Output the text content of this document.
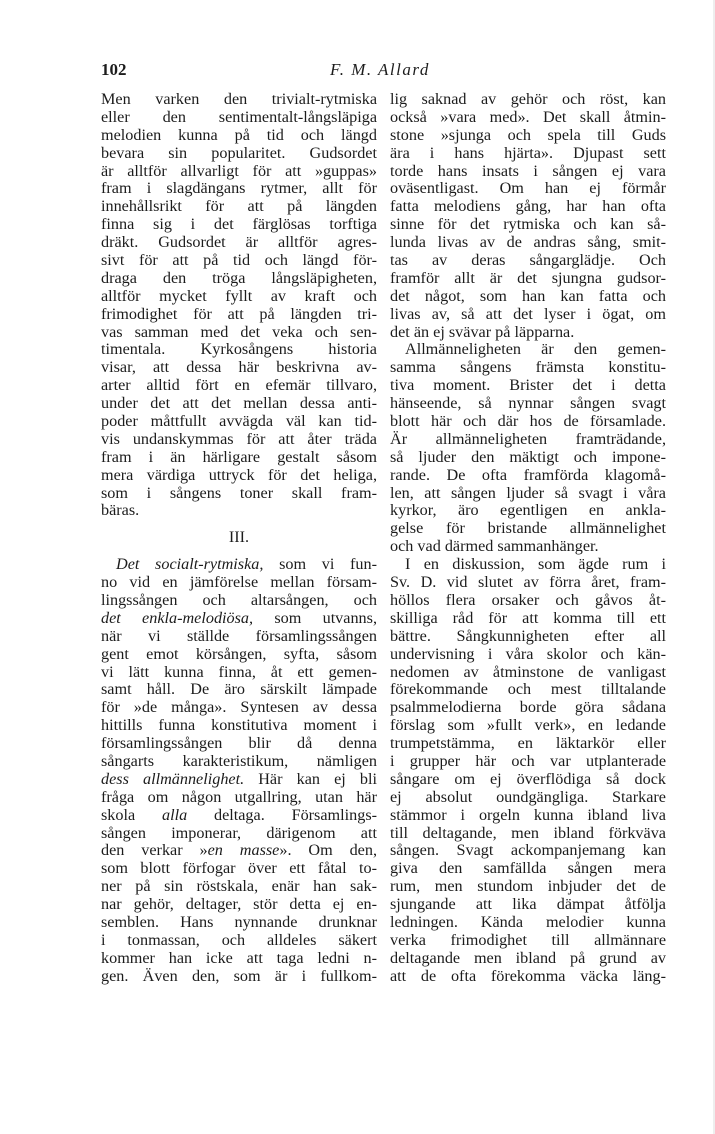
102	F. M. Allard
Men varken den trivialt-rytmiska
eller den sentimentalt-långsläpiga
melodien kunna på tid och längd
bevara sin popularitet. Gudsordet
är alltför allvarligt för att »guppas»
fram i slagdängans rytmer, allt för
innehållsrikt för att på längden
finna sig i det färglösas torftiga
dräkt. Gudsordet är alltför agres-
sivt för att på tid och längd för-
draga den tröga långsläpigheten,
alltför mycket fyllt av kraft och
frimodighet för att på längden tri-
vas samman med det veka och sen-
timentala. Kyrkosångens historia
visar, att dessa här beskrivna av-
arter alltid fört en efemär tillvaro,
under det att det mellan dessa anti-
poder måttfullt avvägda väl kan tid-
vis undanskymmas för att åter träda
fram i än härligare gestalt såsom
mera värdiga uttryck för det heliga,
som i sångens toner skall fram-
bäras.
III.
Det socialt-rytmiska, som vi fun-
no vid en jämförelse mellan försam-
lingssången och altarsången, och
det enkla-melodiösa, som utvanns,
när vi ställde församlingssången
gent emot körsången, syfta, såsom
vi lätt kunna finna, åt ett gemen-
samt håll. De äro särskilt lämpade
för »de många». Syntesen av dessa
hittills funna konstitutiva moment i
församlingssången blir då denna
sångarts karakteristikum, nämligen
dess allmännelighet. Här kan ej bli
fråga om någon utgallring, utan här
skola alla deltaga. Församlings-
sången imponerar, därigenom att
den verkar »en masse». Om den,
som blott förfogar över ett fåtal to-
ner på sin röstskala, enär han sak-
nar gehör, deltager, stör detta ej en-
semblen. Hans nynnande drunknar
i tonmassan, och alldeles säkert
kommer han icke att taga ledni n-
gen. Även den, som är i fullkom-
lig saknad av gehör och röst, kan
också »vara med». Det skall åtmin-
stone »sjunga och spela till Guds
ära i hans hjärta». Djupast sett
torde hans insats i sången ej vara
oväsentligast. Om han ej förmår
fatta melodiens gång, har han ofta
sinne för det rytmiska och kan så-
lunda livas av de andras sång, smit-
tas av deras sångarglädje. Och
framför allt är det sjungna gudsor-
det något, som han kan fatta och
livas av, så att det lyser i ögat, om
det än ej svävar på läpparna.
Allmänneligheten är den gemen-
samma sångens främsta konstitu-
tiva moment. Brister det i detta
hänseende, så nynnar sången svagt
blott här och där hos de församlade.
Är allmänneligheten framträdande,
så ljuder den mäktigt och impone-
rande. De ofta framförda klagomå-
len, att sången ljuder så svagt i våra
kyrkor, äro egentligen en ankla-
gelse för bristande allmännelighet
och vad därmed sammanhänger.
I en diskussion, som ägde rum i
Sv. D. vid slutet av förra året, fram-
höllos flera orsaker och gåvos åt-
skilliga råd för att komma till ett
bättre. Sångkunnigheten efter all
undervisning i våra skolor och kän-
nedomen av åtminstone de vanligast
förekommande och mest tilltalande
psalmmelodierna borde göra sådana
förslag som »fullt verk», en ledande
trumpetstämma, en läktarkör eller
i grupper här och var utplanterade
sångare om ej överflödiga så dock
ej absolut oundgängliga. Starkare
stämmor i orgeln kunna ibland liva
till deltagande, men ibland förkväva
sången. Svagt ackompanjemang kan
giva den samfällda sången mera
rum, men stundom inbjuder det de
sjungande att lika dämpat åtfölja
ledningen. Kända melodier kunna
verka frimodighet till allmännare
deltagande men ibland på grund av
att de ofta förekomma väcka läng-
